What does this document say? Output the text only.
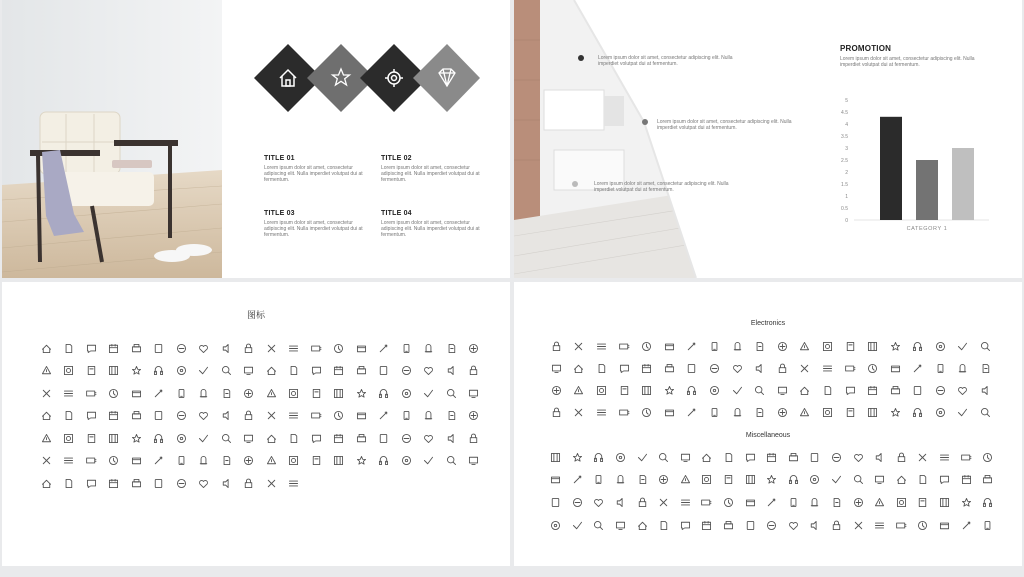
TITLE 01
Lorem ipsum dolor sit amet, consectetur adipiscing elit. Nulla imperdiet volutpat dui at fermentum.
TITLE 02
Lorem ipsum dolor sit amet, consectetur adipiscing elit. Nulla imperdiet volutpat dui at fermentum.
TITLE 03
Lorem ipsum dolor sit amet, consectetur adipiscing elit. Nulla imperdiet volutpat dui at fermentum.
TITLE 04
Lorem ipsum dolor sit amet, consectetur adipiscing elit. Nulla imperdiet volutpat dui at fermentum.
Lorem ipsum dolor sit amet, consectetur adipiscing elit. Nulla imperdiet volutpat dui at fermentum.
Lorem ipsum dolor sit amet, consectetur adipiscing elit. Nulla imperdiet volutpat dui at fermentum.
Lorem ipsum dolor sit amet, consectetur adipiscing elit. Nulla imperdiet volutpat dui at fermentum.
PROMOTION
Lorem ipsum dolor sit amet, consectetur adipiscing elit. Nulla imperdiet volutpat dui at fermentum.
0
0.5
1
1.5
2
2.5
3
3.5
4
4.5
5
CATEGORY 1
图标
Electronics
Miscellaneous
